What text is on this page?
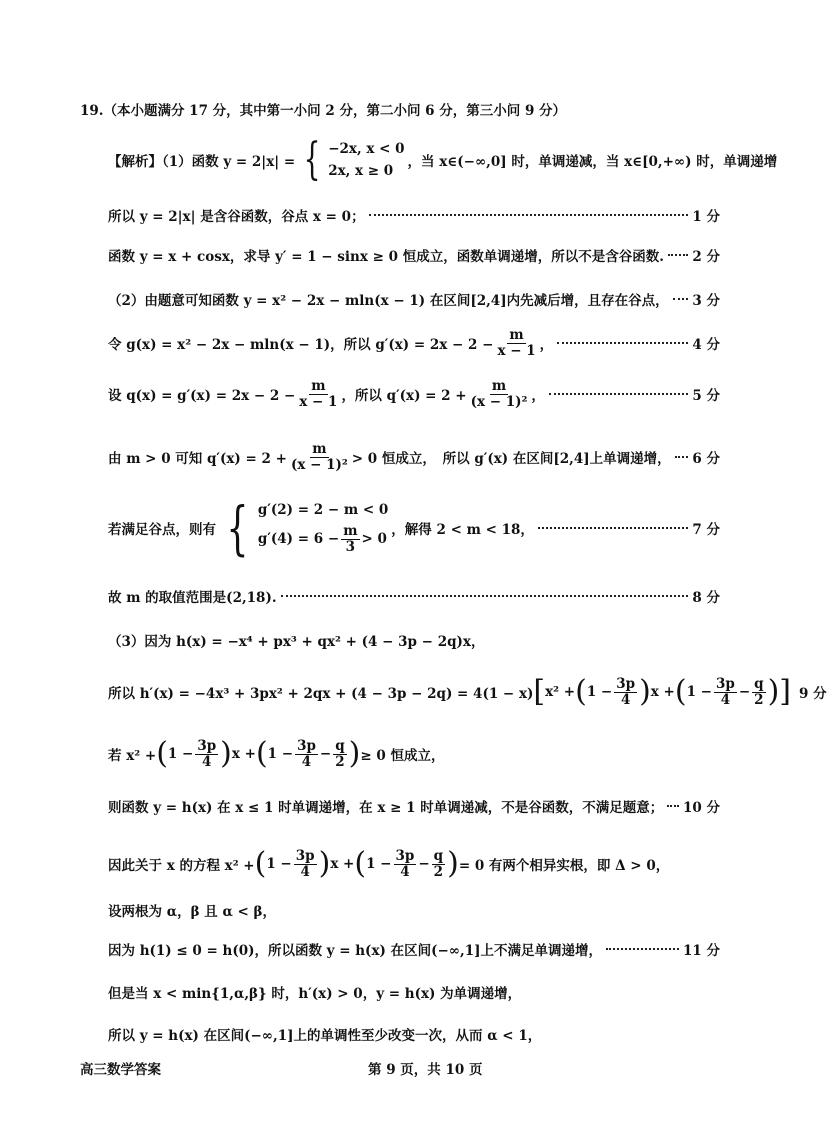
19.（本小题满分 17 分，其中第一小问 2 分，第二小问 6 分，第三小问 9 分）
【解析】（1）函数 y = 2|x| = { −2x, x < 0
2x, x ≥ 0
，当 x∈(−∞,0] 时，单调递减，当 x∈[0,+∞) 时，单调递增
所以 y = 2|x| 是含谷函数，谷点 x = 0；	1 分
函数 y = x + cosx，求导 y′ = 1 − sinx ≥ 0 恒成立，函数单调递增，所以不是含谷函数. 2 分
（2）由题意可知函数 y = x² − 2x − mln(x − 1) 在区间[2,4]内先减后增，且存在谷点， 3 分
令 g(x) = x² − 2x − mln(x − 1)，所以 $g'(x) = 2x - 2 - \frac{m}{x - 1}$ ，	4 分
设 $q(x) = g'(x) = 2x - 2 - \frac{m}{x - 1}$ ，所以 $q'(x) = 2 + \frac{m}{\text{(x − 1)²}}$ ，	5 分
由 m > 0 可知 $q'(x) = 2 + \frac{m}{\text{(x − 1)²}} > 0$ 恒成立，　所以 g′(x) 在区间[2,4]上单调递增， 6 分
若满足谷点，则有 { g′(2) = 2 − m < 0
$g'(4) = 6 - \frac{m}{3} > 0$
，解得 2 < m < 18，	7 分
故 m 的取值范围是(2,18).	8 分
（3）因为 h(x) = −x⁴ + px³ + qx² + (4 − 3p − 2q)x，
所以 h′(x) = −4x³ + 3px² + 2qx + (4 − 3p − 2q) = 4(1 − x) [ x² + ( $1 - \frac{3p}{4}$ ) x + ( $1 - \frac{3p}{4} - \frac{q}{2}$ )] 9 分
若 x² + ( $1 - \frac{3p}{4}$ ) x + ( $1 - \frac{3p}{4} - \frac{q}{2}$ ) ≥ 0 恒成立，
则函数 y = h(x) 在 x ≤ 1 时单调递增，在 x ≥ 1 时单调递减，不是谷函数，不满足题意； 10 分
因此关于 x 的方程 x² + ( $1 - \frac{3p}{4}$ ) x + ( $1 - \frac{3p}{4} - \frac{q}{2}$ ) = 0 有两个相异实根，即 Δ > 0，
设两根为 α，β 且 α < β，
因为 h(1) ≤ 0 = h(0)，所以函数 y = h(x) 在区间(−∞,1]上不满足单调递增，	11 分
但是当 x < min{1,α,β} 时，h′(x) > 0，y = h(x) 为单调递增，
所以 y = h(x) 在区间(−∞,1]上的单调性至少改变一次，从而 α < 1，
高三数学答案	第 9 页，共 10 页
